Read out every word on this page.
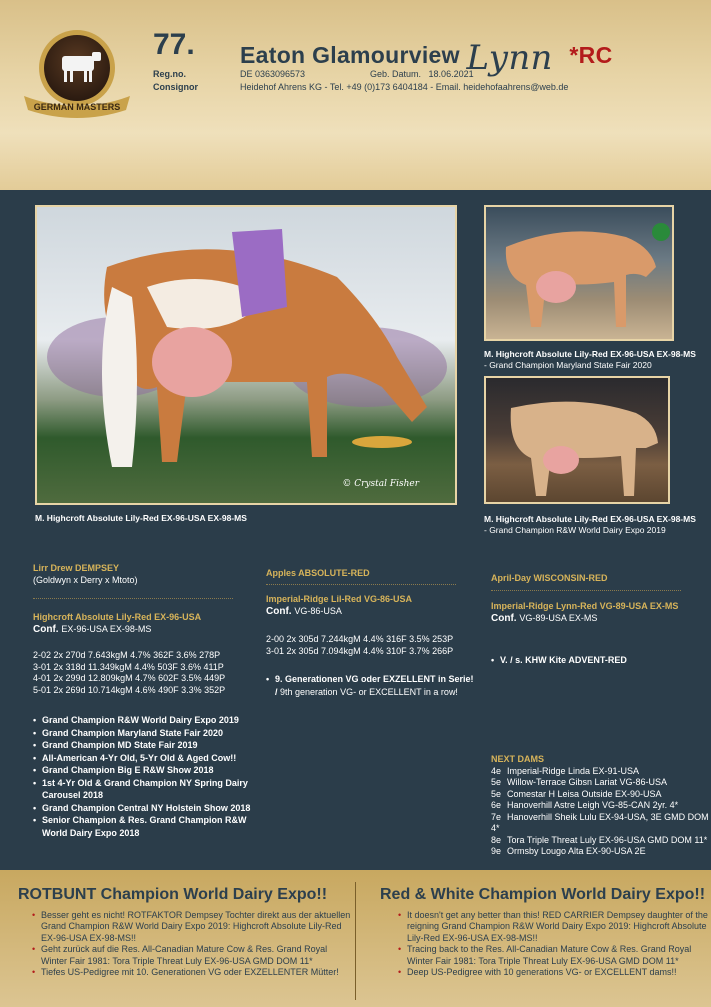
GERMAN MASTERS
77. Eaton Glamourview Lynn *RC
Reg.no.	DE 0363096573	Geb. Datum. 18.06.2021
Consignor	Heidehof Ahrens KG - Tel. +49 (0)173 6404184 - Email. heidehofaahrens@web.de
© Crystal Fisher
M. Highcroft Absolute Lily-Red EX-96-USA EX-98-MS
- Grand Champion Maryland State Fair 2020
M. Highcroft Absolute Lily-Red EX-96-USA EX-98-MS	M. Highcroft Absolute Lily-Red EX-96-USA EX-98-MS
- Grand Champion R&W World Dairy Expo 2019
Lirr Drew DEMPSEY
(Goldwyn x Derry x Mtoto)
Highcroft Absolute Lily-Red EX-96-USA
Conf. EX-96-USA EX-98-MS
2-02 2x 270d 7.643kgM 4.7% 362F 3.6% 278P
3-01 2x 318d 11.349kgM 4.4% 503F 3.6% 411P
4-01 2x 299d 12.809kgM 4.7% 602F 3.5% 449P
5-01 2x 269d 10.714kgM 4.6% 490F 3.3% 352P
• Grand Champion R&W World Dairy Expo 2019
• Grand Champion Maryland State Fair 2020
• Grand Champion MD State Fair 2019
• All-American 4-Yr Old, 5-Yr Old & Aged Cow!!
• Grand Champion Big E R&W Show 2018
• 1st 4-Yr Old & Grand Champion NY Spring Dairy Carousel 2018
• Grand Champion Central NY Holstein Show 2018
• Senior Champion & Res. Grand Champion R&W World Dairy Expo 2018
Apples ABSOLUTE-RED
Imperial-Ridge Lil-Red VG-86-USA
Conf. VG-86-USA
2-00 2x 305d 7.244kgM 4.4% 316F 3.5% 253P
3-01 2x 305d 7.094kgM 4.4% 310F 3.7% 266P
• 9. Generationen VG oder EXZELLENT in Serie! / 9th generation VG- or EXCELLENT in a row!
April-Day WISCONSIN-RED
Imperial-Ridge Lynn-Red VG-89-USA EX-MS
Conf. VG-89-USA EX-MS
• V. / s. KHW Kite ADVENT-RED
NEXT DAMS
4e Imperial-Ridge Linda EX-91-USA
5e Willow-Terrace Gibsn Lariat VG-86-USA
5e Comestar H Leisa Outside EX-90-USA
6e Hanoverhill Astre Leigh VG-85-CAN 2yr. 4*
7e Hanoverhill Sheik Lulu EX-94-USA, 3E GMD DOM 4*
8e Tora Triple Threat Luly EX-96-USA GMD DOM 11*
9e Ormsby Lougo Alta EX-90-USA 2E
ROTBUNT Champion World Dairy Expo!!
• Besser geht es nicht! ROTFAKTOR Dempsey Tochter direkt aus der aktuellen Grand Champion R&W World Dairy Expo 2019: Highcroft Absolute Lily-Red EX-96-USA EX-98-MS!!
• Geht zurück auf die Res. All-Canadian Mature Cow & Res. Grand Royal Winter Fair 1981: Tora Triple Threat Luly EX-96-USA GMD DOM 11*
• Tiefes US-Pedigree mit 10. Generationen VG oder EXZELLENTER Mütter!
Red & White Champion World Dairy Expo!!
• It doesn't get any better than this! RED CARRIER Dempsey daughter of the reigning Grand Champion R&W World Dairy Expo 2019: Highcroft Absolute Lily-Red EX-96-USA EX-98-MS!!
• Tracing back to the Res. All-Canadian Mature Cow & Res. Grand Royal Winter Fair 1981: Tora Triple Threat Luly EX-96-USA GMD DOM 11*
• Deep US-Pedigree with 10 generations VG- or EXCELLENT dams!!
